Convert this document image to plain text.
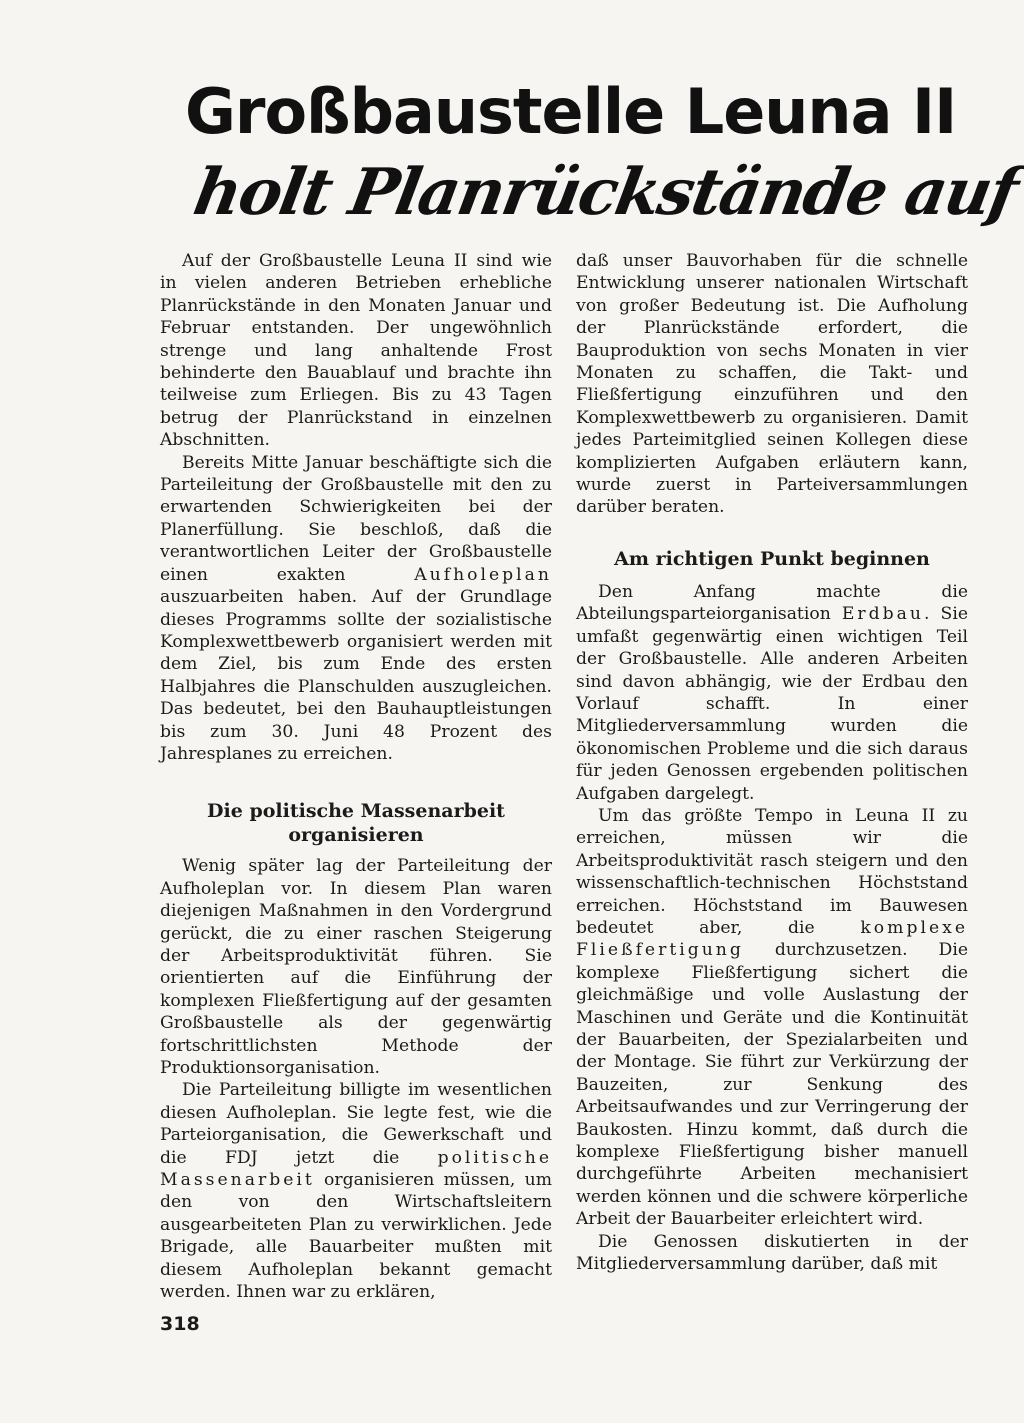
Großbaustelle Leuna II
holt Planrückstände auf

Auf der Großbaustelle Leuna II sind wie in vielen anderen Betrieben erhebliche Planrückstände in den Monaten Januar und Februar entstanden. Der ungewöhnlich strenge und lang anhaltende Frost behinderte den Bauablauf und brachte ihn teilweise zum Erliegen. Bis zu 43 Tagen betrug der Planrückstand in einzelnen Abschnitten.

Bereits Mitte Januar beschäftigte sich die Parteileitung der Großbaustelle mit den zu erwartenden Schwierigkeiten bei der Planerfüllung. Sie beschloß, daß die verantwortlichen Leiter der Großbaustelle einen exakten Aufholeplan auszuarbeiten haben. Auf der Grundlage dieses Programms sollte der sozialistische Komplexwettbewerb organisiert werden mit dem Ziel, bis zum Ende des ersten Halbjahres die Planschulden auszugleichen. Das bedeutet, bei den Bauhauptleistungen bis zum 30. Juni 48 Prozent des Jahresplanes zu erreichen.

Die politische Massenarbeit organisieren

Wenig später lag der Parteileitung der Aufholeplan vor. In diesem Plan waren diejenigen Maßnahmen in den Vordergrund gerückt, die zu einer raschen Steigerung der Arbeitsproduktivität führen. Sie orientierten auf die Einführung der komplexen Fließfertigung auf der gesamten Großbaustelle als der gegenwärtig fortschrittlichsten Methode der Produktionsorganisation.

Die Parteileitung billigte im wesentlichen diesen Aufholeplan. Sie legte fest, wie die Parteiorganisation, die Gewerkschaft und die FDJ jetzt die politische Massenarbeit organisieren müssen, um den von den Wirtschaftsleitern ausgearbeiteten Plan zu verwirklichen. Jede Brigade, alle Bauarbeiter mußten mit diesem Aufholeplan bekannt gemacht werden. Ihnen war zu erklären,

daß unser Bauvorhaben für die schnelle Entwicklung unserer nationalen Wirtschaft von großer Bedeutung ist. Die Aufholung der Planrückstände erfordert, die Bauproduktion von sechs Monaten in vier Monaten zu schaffen, die Takt- und Fließfertigung einzuführen und den Komplexwettbewerb zu organisieren. Damit jedes Parteimitglied seinen Kollegen diese komplizierten Aufgaben erläutern kann, wurde zuerst in Parteiversammlungen darüber beraten.

Am richtigen Punkt beginnen

Den Anfang machte die Abteilungsparteiorganisation Erdbau. Sie umfaßt gegenwärtig einen wichtigen Teil der Großbaustelle. Alle anderen Arbeiten sind davon abhängig, wie der Erdbau den Vorlauf schafft. In einer Mitgliederversammlung wurden die ökonomischen Probleme und die sich daraus für jeden Genossen ergebenden politischen Aufgaben dargelegt.

Um das größte Tempo in Leuna II zu erreichen, müssen wir die Arbeitsproduktivität rasch steigern und den wissenschaftlich-technischen Höchststand erreichen. Höchststand im Bauwesen bedeutet aber, die komplexe Fließfertigung durchzusetzen. Die komplexe Fließfertigung sichert die gleichmäßige und volle Auslastung der Maschinen und Geräte und die Kontinuität der Bauarbeiten, der Spezialarbeiten und der Montage. Sie führt zur Verkürzung der Bauzeiten, zur Senkung des Arbeitsaufwandes und zur Verringerung der Baukosten. Hinzu kommt, daß durch die komplexe Fließfertigung bisher manuell durchgeführte Arbeiten mechanisiert werden können und die schwere körperliche Arbeit der Bauarbeiter erleichtert wird.

Die Genossen diskutierten in der Mitgliederversammlung darüber, daß mit

318
